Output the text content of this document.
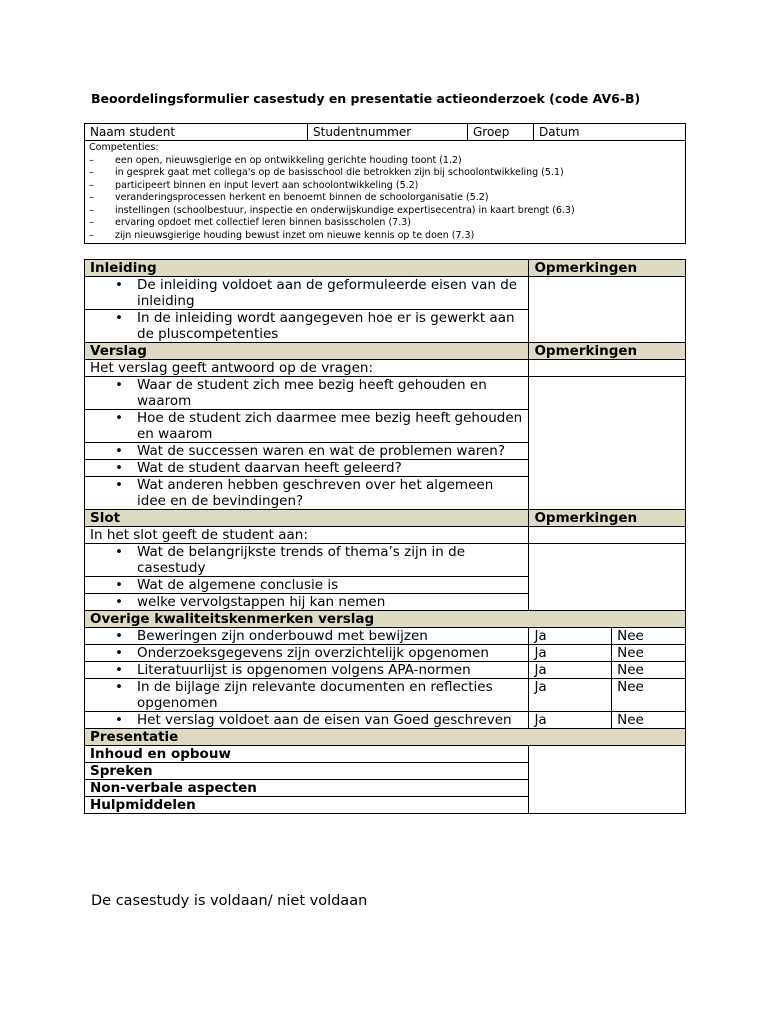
Beoordelingsformulier casestudy en presentatie actieonderzoek (code AV6-B)
Naam student	Studentnummer	Groep	Datum

Competenties:
– een open, nieuwsgierige en op ontwikkeling gerichte houding toont (1.2)
– in gesprek gaat met collega's op de basisschool die betrokken zijn bij schoolontwikkeling (5.1)
– participeert binnen en input levert aan schoolontwikkeling (5.2)
– veranderingsprocessen herkent en benoemt binnen de schoolorganisatie (5.2)
– instellingen (schoolbestuur, inspectie en onderwijskundige expertisecentra) in kaart brengt (6.3)
– ervaring opdoet met collectief leren binnen basisscholen (7.3)
– zijn nieuwsgierige houding bewust inzet om nieuwe kennis op te doen (7.3)
Inleiding	Opmerkingen	

• De inleiding voldoet aan de geformuleerde eisen van de inleiding		

• In de inleiding wordt aangegeven hoe er is gewerkt aan de pluscompetenties		
Verslag	Opmerkingen	
Het verslag geeft antwoord op de vragen:		

• Waar de student zich mee bezig heeft gehouden en waarom		

• Hoe de student zich daarmee mee bezig heeft gehouden en waarom		

• Wat de successen waren en wat de problemen waren?		

• Wat de student daarvan heeft geleerd?		

• Wat anderen hebben geschreven over het algemeen idee en de bevindingen?		
Slot	Opmerkingen	
In het slot geeft de student aan:		

• Wat de belangrijkste trends of thema’s zijn in de casestudy		

• Wat de algemene conclusie is		

• welke vervolgstappen hij kan nemen		
Overige kwaliteitskenmerken verslag		

• Beweringen zijn onderbouwd met bewijzen	Ja	Nee

• Onderzoeksgegevens zijn overzichtelijk opgenomen	Ja	Nee

• Literatuurlijst is opgenomen volgens APA-normen	Ja	Nee

• In de bijlage zijn relevante documenten en reflecties opgenomen	Ja	Nee

• Het verslag voldoet aan de eisen van Goed geschreven	Ja	Nee
Presentatie		
Inhoud en opbouw		
Spreken		
Non-verbale aspecten		
Hulpmiddelen		
De casestudy is voldaan/ niet voldaan
